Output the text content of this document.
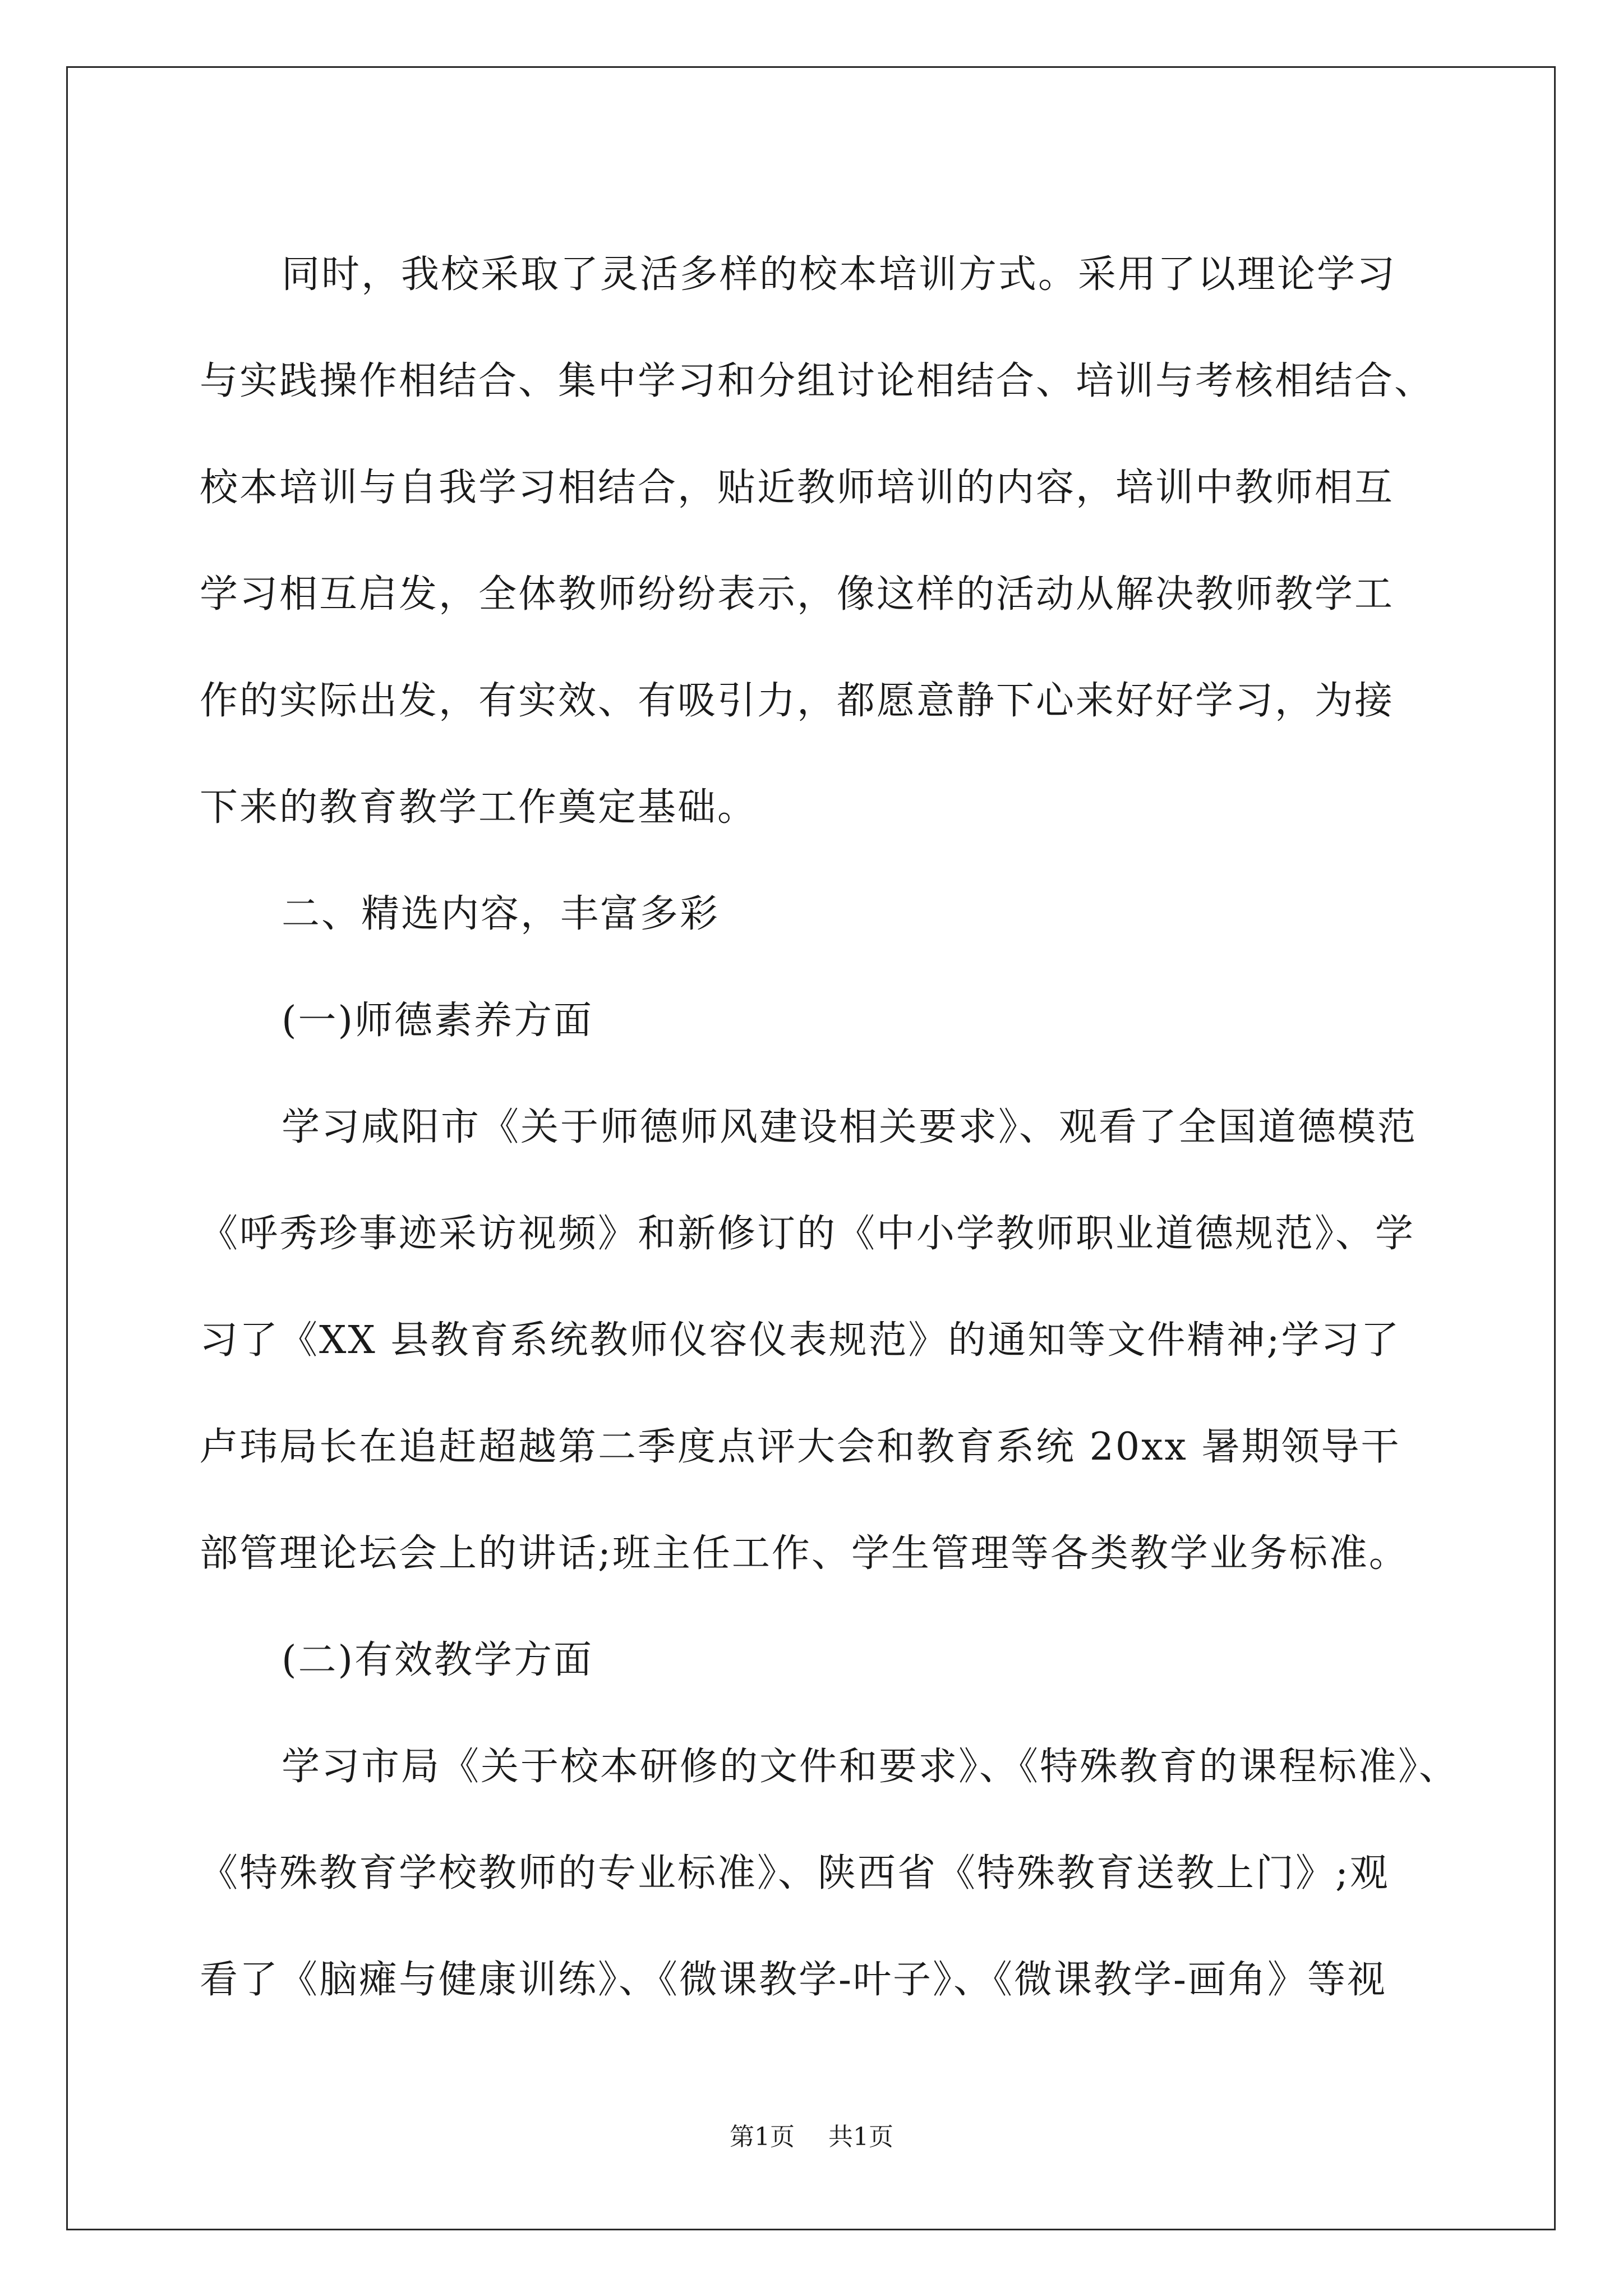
同时，我校采取了灵活多样的校本培训方式。采用了以理论学习
与实践操作相结合、集中学习和分组讨论相结合、培训与考核相结合、
校本培训与自我学习相结合，贴近教师培训的内容，培训中教师相互
学习相互启发，全体教师纷纷表示，像这样的活动从解决教师教学工
作的实际出发，有实效、有吸引力，都愿意静下心来好好学习，为接
下来的教育教学工作奠定基础。
二、精选内容，丰富多彩
(一)师德素养方面
学习咸阳市《关于师德师风建设相关要求》、观看了全国道德模范
《呼秀珍事迹采访视频》和新修订的《中小学教师职业道德规范》、学
习了《XX 县教育系统教师仪容仪表规范》的通知等文件精神;学习了
卢玮局长在追赶超越第二季度点评大会和教育系统 20xx 暑期领导干
部管理论坛会上的讲话;班主任工作、学生管理等各类教学业务标准。
(二)有效教学方面
学习市局《关于校本研修的文件和要求》、《特殊教育的课程标准》、
《特殊教育学校教师的专业标准》、陕西省《特殊教育送教上门》;观
看了《脑瘫与健康训练》、《微课教学-叶子》、《微课教学-画角》等视
第1页 共1页
